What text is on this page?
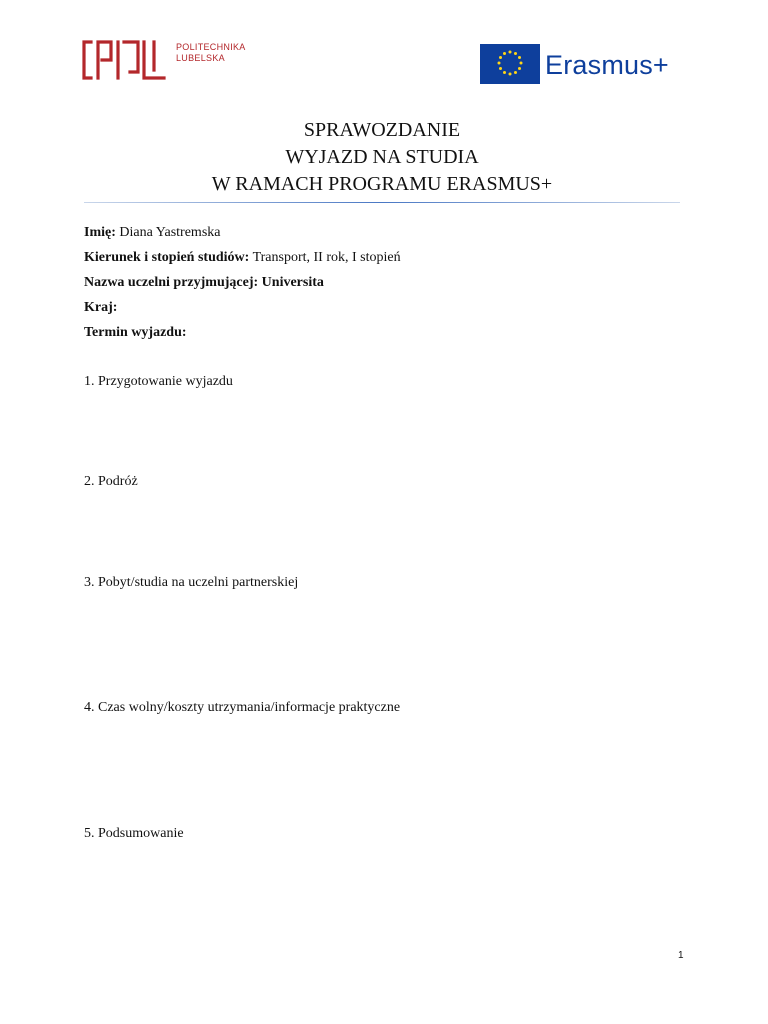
POLITECHNIKA
LUBELSKA	Erasmus+

SPRAWOZDANIE

WYJAZD NA STUDIA

W RAMACH PROGRAMU ERASMUS+

Imię: Diana Yastremska
Kierunek i stopień studiów: Transport, II rok, I stopień
Nazwa uczelni przyjmującej: Universita
Kraj:
Termin wyjazdu:
1. Przygotowanie wyjazdu
2. Podróż
3. Pobyt/studia na uczelni partnerskiej
4. Czas wolny/koszty utrzymania/informacje praktyczne
5. Podsumowanie
1
